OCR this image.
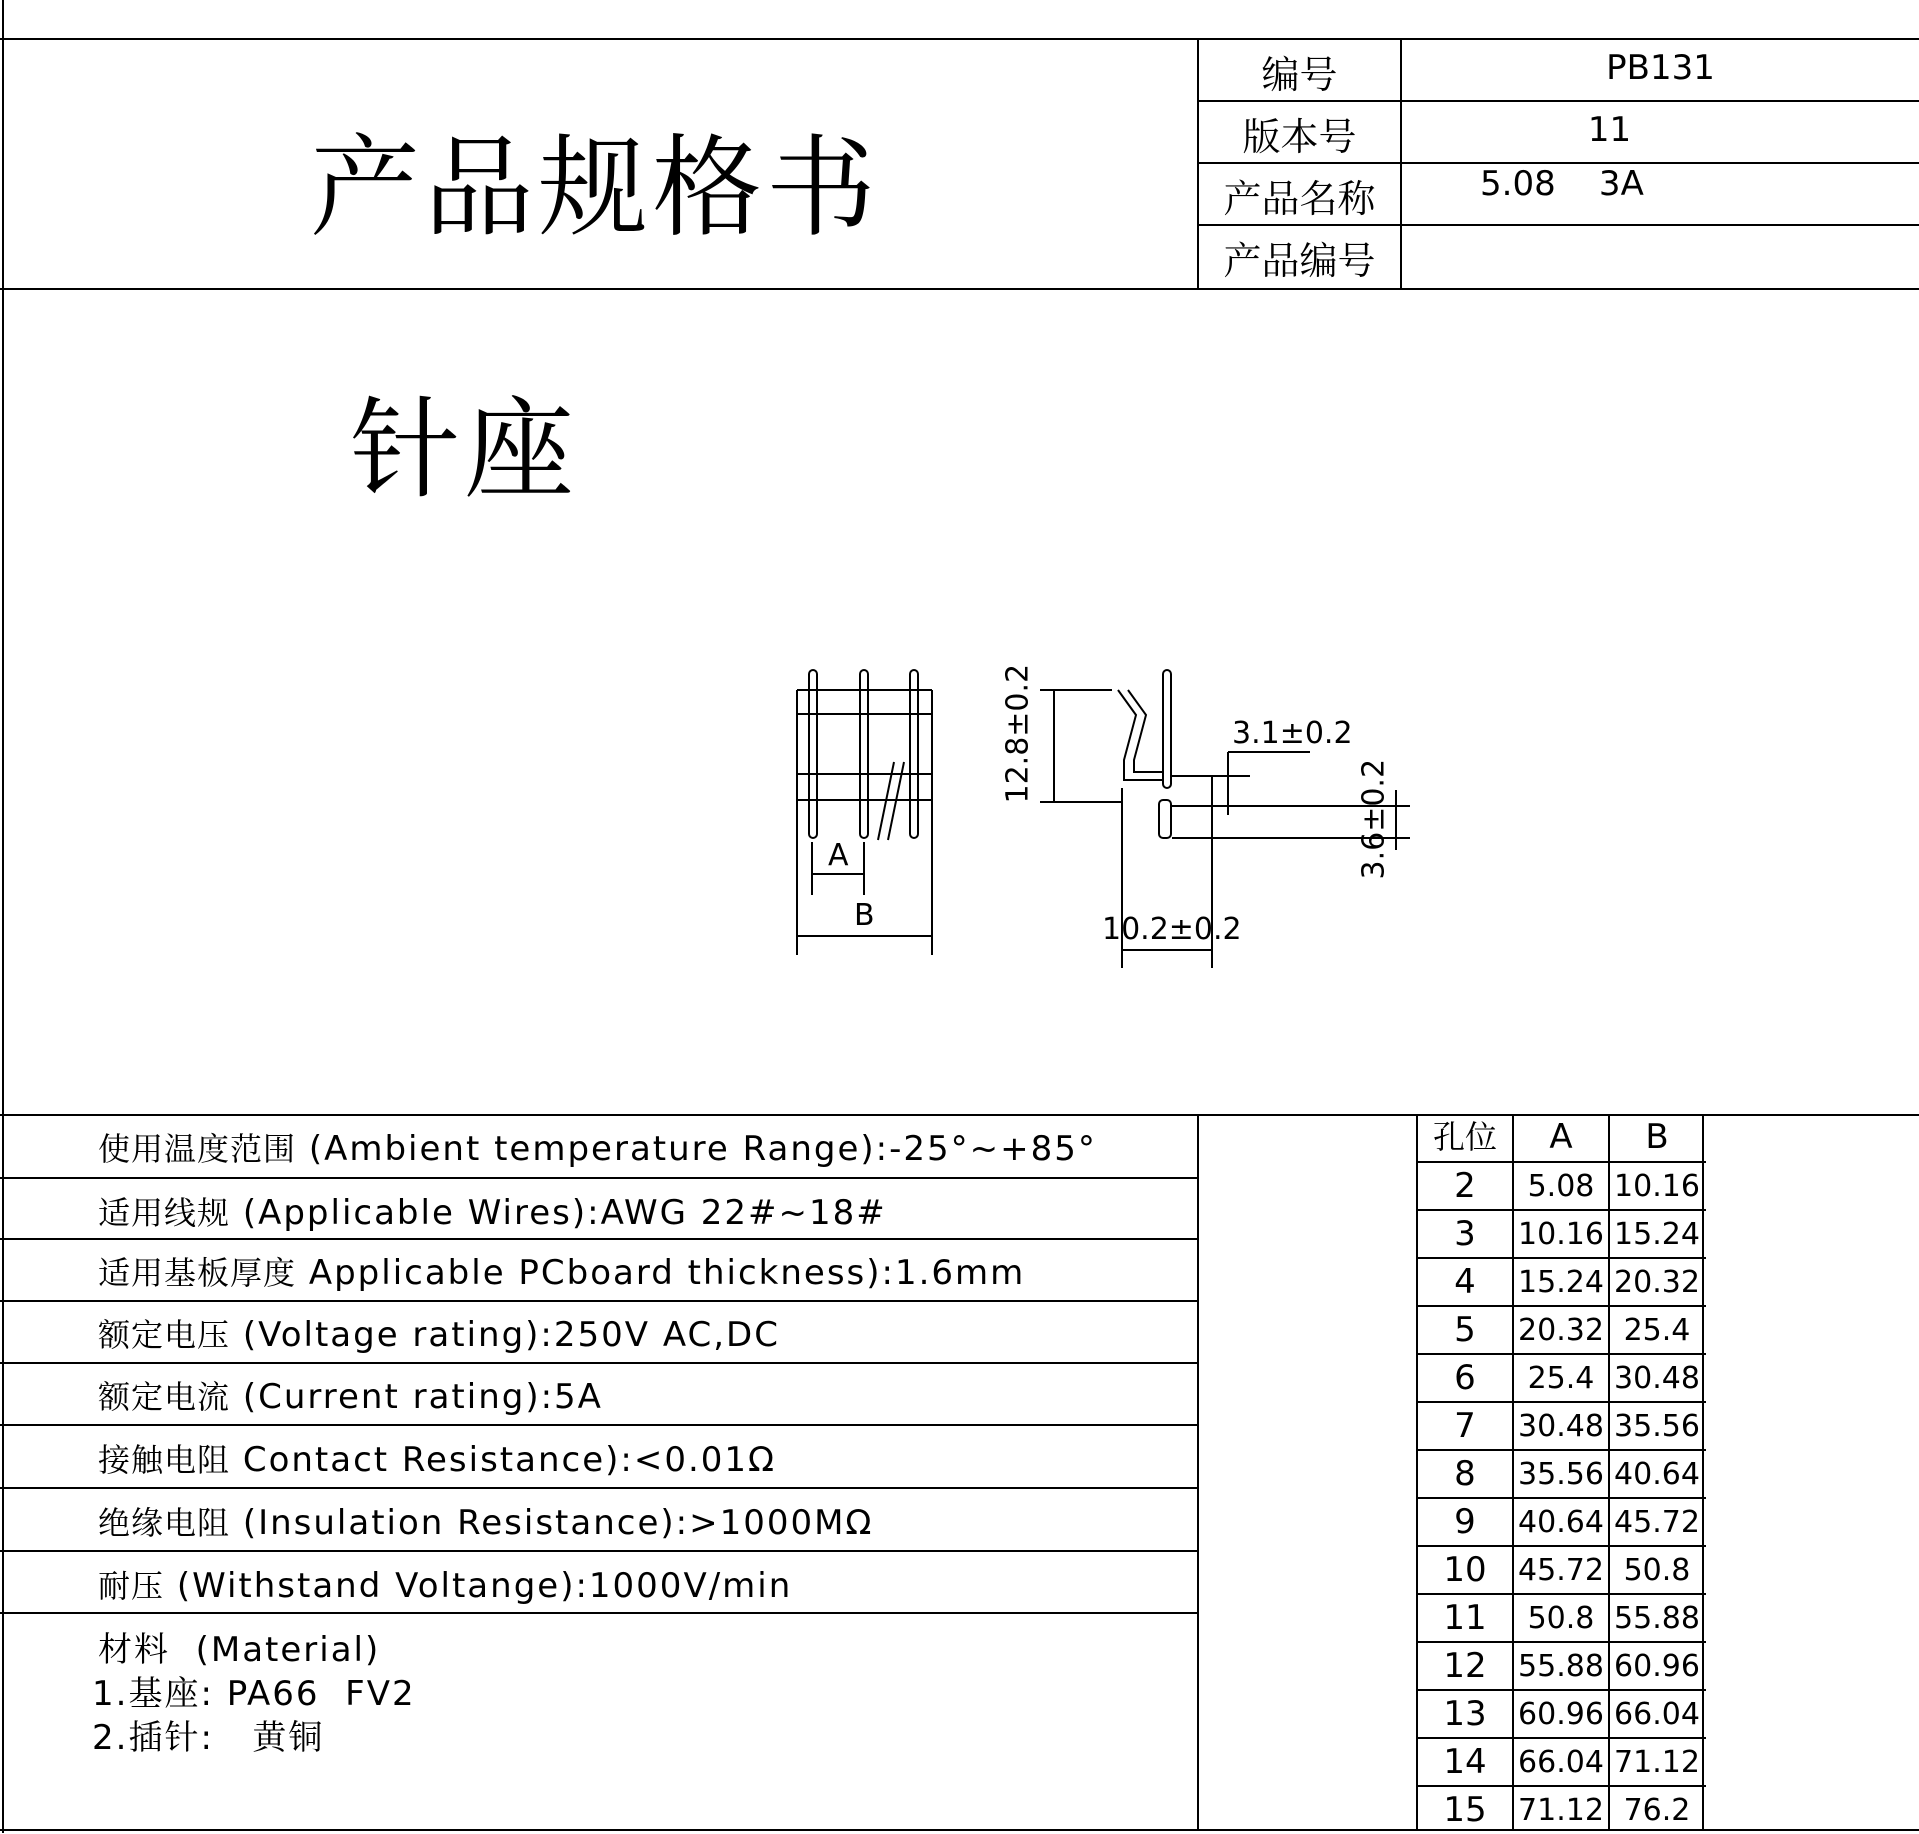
产品规格书
编号	PB131
版本号	11
产品名称	5.08    3A
产品编号
针座
A
B
12.8±0.2	3.1±0.2
3.6±0.2
10.2±0.2
使用温度范围 (Ambient temperature Range):-25°~+85°
适用线规 (Applicable Wires):AWG 22#~18#
适用基板厚度 Applicable PCboard thickness):1.6mm
额定电压 (Voltage rating):250V AC,DC
额定电流 (Current rating):5A
接触电阻 Contact Resistance):<0.01Ω
绝缘电阻 (Insulation Resistance):>1000MΩ
耐压 (Withstand Voltange):1000V/min
材料  (Material)
1.基座: PA66  FV2
2.插针:   黄铜
孔位	A	B
2	5.08 10.16
3	10.16 15.24
4	15.24 20.32
5	20.32 25.4
6	25.4 30.48
7	30.48 35.56
8	35.56 40.64
9	40.64 45.72
10	45.72 50.8
11	50.8 55.88
12	55.88 60.96
13	60.96 66.04
14	66.04 71.12
15	71.12 76.2
